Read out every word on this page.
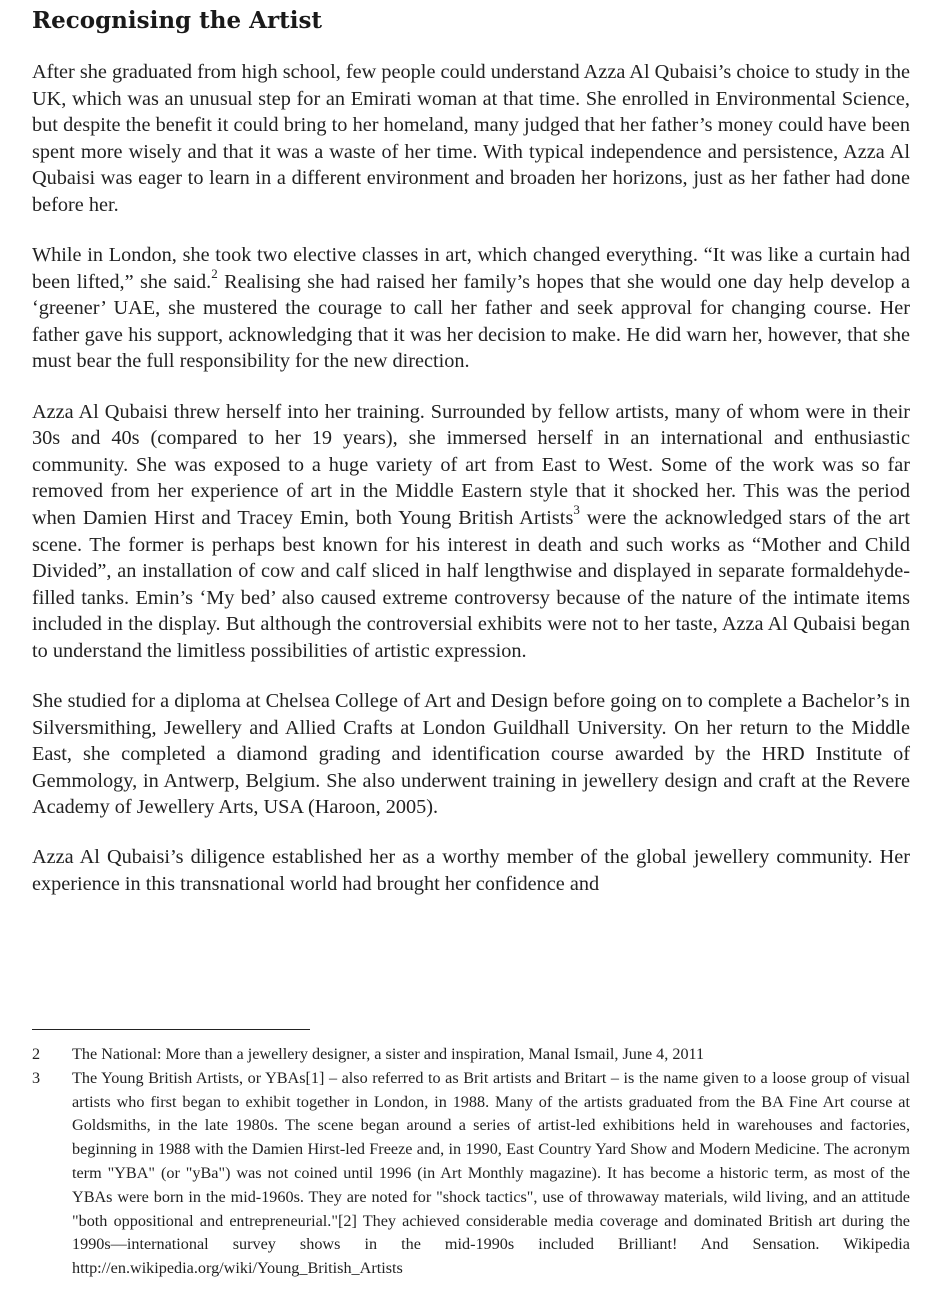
Recognising the Artist

After she graduated from high school, few people could understand Azza Al Qubaisi’s choice to study in the UK, which was an unusual step for an Emirati woman at that time. She enrolled in Environmental Science, but despite the benefit it could bring to her homeland, many judged that her father’s money could have been spent more wisely and that it was a waste of her time. With typical independence and persistence, Azza Al Qubaisi was eager to learn in a different environment and broaden her horizons, just as her father had done before her.

While in London, she took two elective classes in art, which changed everything. “It was like a curtain had been lifted,” she said.$^2$ Realising she had raised her family’s hopes that she would one day help develop a ‘greener’ UAE, she mustered the courage to call her father and seek approval for changing course. Her father gave his support, acknowledging that it was her decision to make. He did warn her, however, that she must bear the full responsibility for the new direction.

Azza Al Qubaisi threw herself into her training. Surrounded by fellow artists, many of whom were in their 30s and 40s (compared to her 19 years), she immersed herself in an international and enthusiastic community. She was exposed to a huge variety of art from East to West. Some of the work was so far removed from her experience of art in the Middle Eastern style that it shocked her. This was the period when Damien Hirst and Tracey Emin, both Young British Artists$^3$ were the acknowledged stars of the art scene. The former is perhaps best known for his interest in death and such works as “Mother and Child Divided”, an installation of cow and calf sliced in half lengthwise and displayed in separate formaldehyde-filled tanks. Emin’s ‘My bed’ also caused extreme controversy because of the nature of the intimate items included in the display. But although the controversial exhibits were not to her taste, Azza Al Qubaisi began to understand the limitless possibilities of artistic expression.

She studied for a diploma at Chelsea College of Art and Design before going on to complete a Bachelor’s in Silversmithing, Jewellery and Allied Crafts at London Guildhall University. On her return to the Middle East, she completed a diamond grading and identification course awarded by the HRD Institute of Gemmology, in Antwerp, Belgium. She also underwent training in jewellery design and craft at the Revere Academy of Jewellery Arts, USA (Haroon, 2005).

Azza Al Qubaisi’s diligence established her as a worthy member of the global jewellery community. Her experience in this transnational world had brought her confidence and

2	The National: More than a jewellery designer, a sister and inspiration, Manal Ismail, June 4, 2011
3	The Young British Artists, or YBAs[1] – also referred to as Brit artists and Britart – is the name given to a loose group of visual artists who first began to exhibit together in London, in 1988. Many of the artists graduated from the BA Fine Art course at Goldsmiths, in the late 1980s. The scene began around a series of artist-led exhibitions held in warehouses and factories, beginning in 1988 with the Damien Hirst-led Freeze and, in 1990, East Country Yard Show and Modern Medicine. The acronym term "YBA" (or "yBa") was not coined until 1996 (in Art Monthly magazine). It has become a historic term, as most of the YBAs were born in the mid-1960s. They are noted for "shock tactics", use of throwaway materials, wild living, and an attitude "both oppositional and entrepreneurial."[2] They achieved considerable media coverage and dominated British art during the 1990s—international survey shows in the mid-1990s included Brilliant! And Sensation. Wikipedia http://en.wikipedia.org/wiki/Young_British_Artists
